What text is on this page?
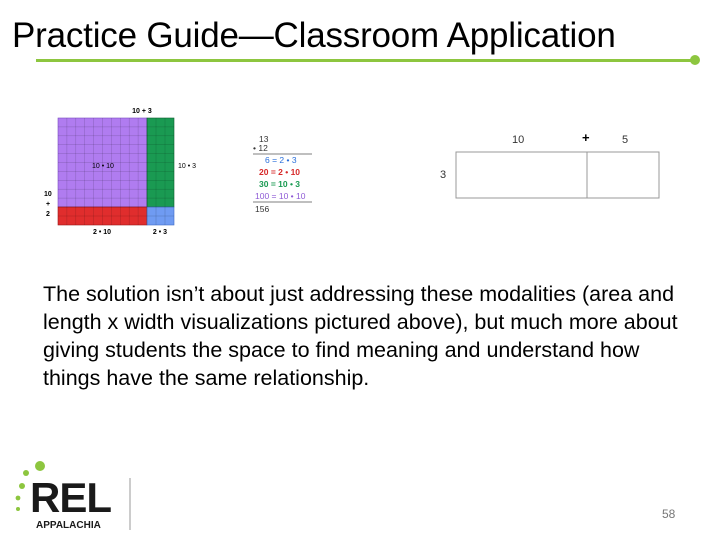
Practice Guide—Classroom Application
10 + 3
10 • 10	10 • 3
10
+
2
2 • 10	2 • 3
13
• 12
6 = 2 • 3
20 = 2 • 10
30 = 10 • 3
100 = 10 • 10
156
10	+	5
3

The solution isn’t about just addressing these modalities (area and length x width visualizations pictured above), but much more about giving students the space to find meaning and understand how things have the same relationship.

REL
APPALACHIA
58
